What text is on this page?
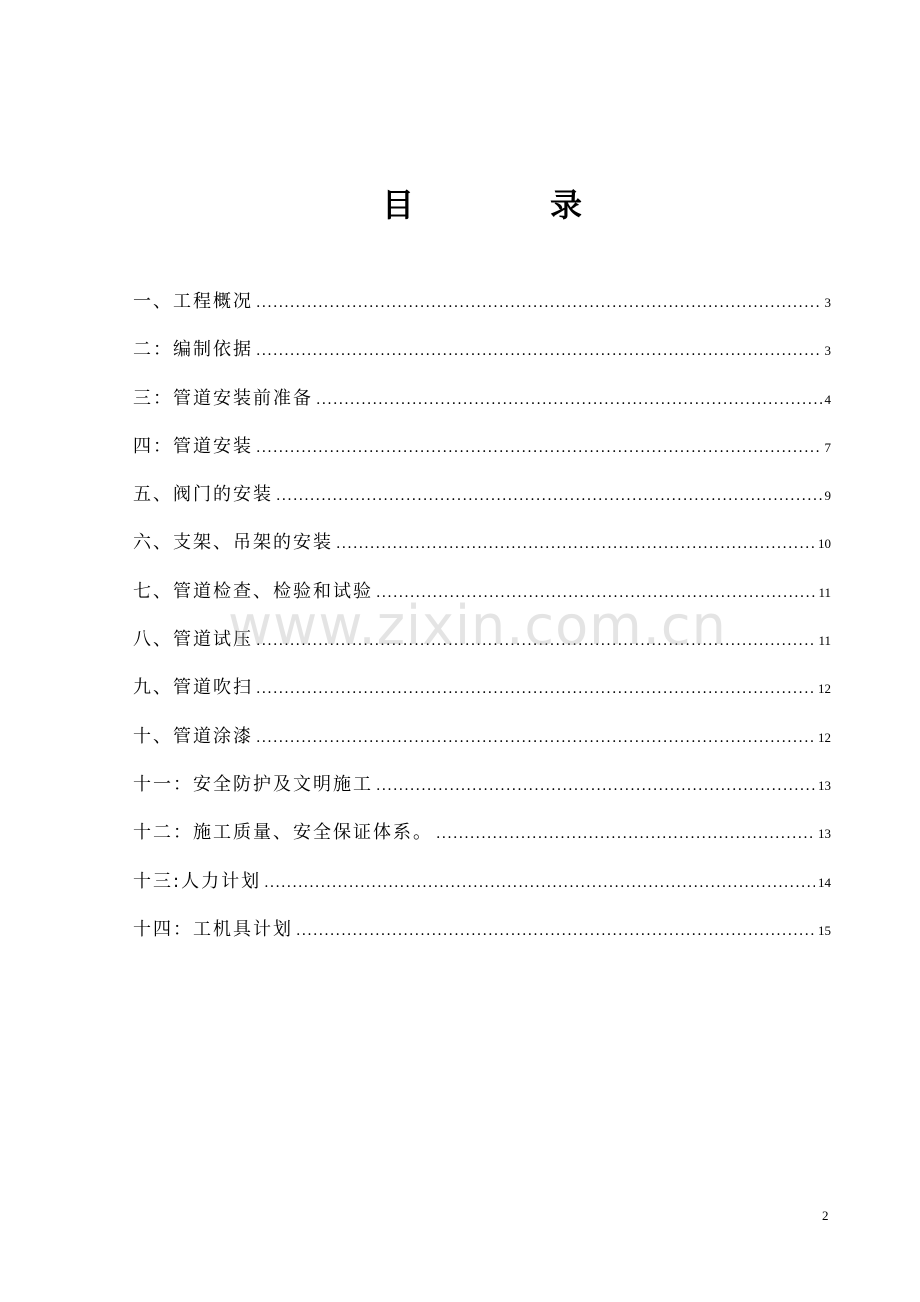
目	录
一、工程概况 .....	3
二：编制依据 .....	3
三：管道安装前准备 .....	4
四：管道安装 .....	7
五、阀门的安装 .....	9
六、支架、吊架的安装 .....	10
七、管道检查、检验和试验 .....	11
八、管道试压 .....	11
九、管道吹扫 .....	12
十、管道涂漆 .....	12
十一：安全防护及文明施工 .....	13
十二：施工质量、安全保证体系。 .....	13
十三:人力计划 .....	14
十四：工机具计划 .....	15
www.zixin.com.cn
2
